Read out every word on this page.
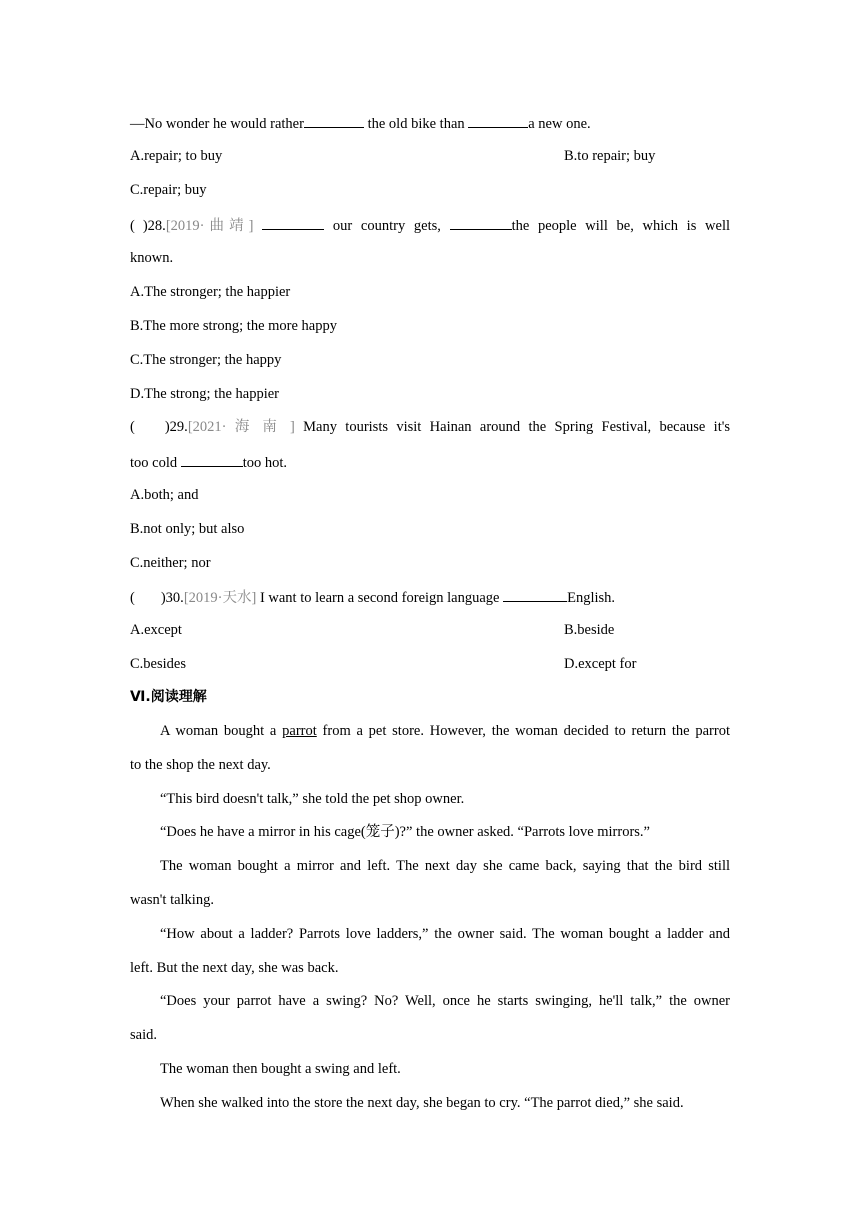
—No wonder he would rather	the old bike than	a new one.
A.repair; to buy	B.to repair; buy
C.repair; buy
( )28.[2019·曲靖]	our country gets,	the people will be, which is well
known.
A.The stronger; the happier
B.The more strong; the more happy
C.The stronger; the happy
D.The strong; the happier
( )29.[2021· 海 南 ] Many tourists visit Hainan around the Spring Festival, because it's
too cold	too hot.
A.both; and
B.not only; but also
C.neither; nor
( )30.[2019·天水] I want to learn a second foreign language	English.
A.except	B.beside
C.besides	D.except for
Ⅵ.阅读理解
A woman bought a parrot from a pet store. However, the woman decided to return the parrot
to the shop the next day.
“This bird doesn't talk,” she told the pet shop owner.
“Does he have a mirror in his cage(笼子)?” the owner asked. “Parrots love mirrors.”
The woman bought a mirror and left. The next day she came back, saying that the bird still
wasn't talking.
“How about a ladder? Parrots love ladders,” the owner said. The woman bought a ladder and
left. But the next day, she was back.
“Does your parrot have a swing? No? Well, once he starts swinging, he'll talk,” the owner
said.
The woman then bought a swing and left.
When she walked into the store the next day, she began to cry. “The parrot died,” she said.
